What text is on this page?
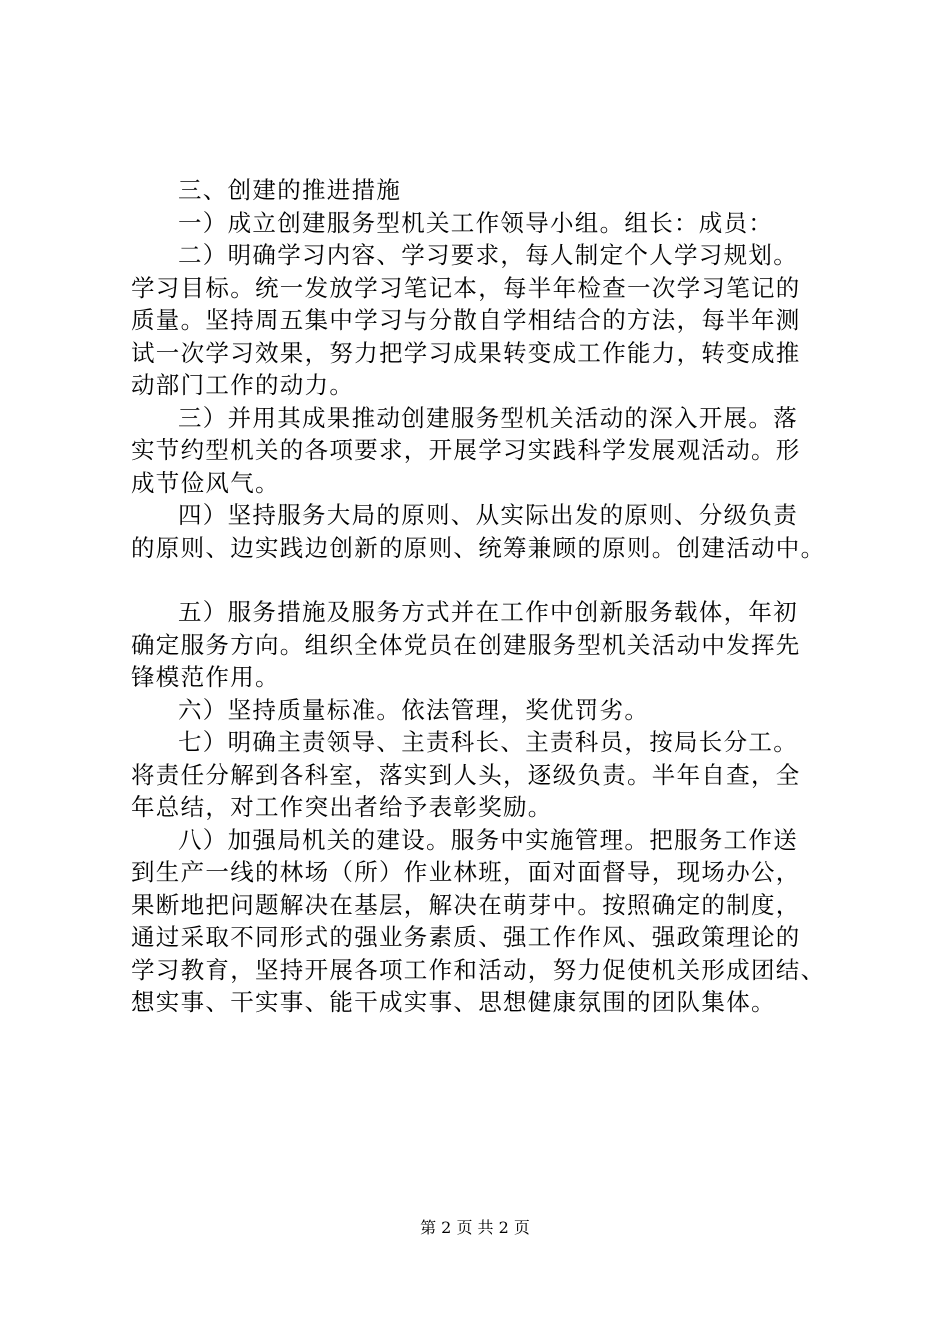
三、创建的推进措施
一）成立创建服务型机关工作领导小组。组长：成员：
二）明确学习内容、学习要求，每人制定个人学习规划。
学习目标。统一发放学习笔记本，每半年检查一次学习笔记的
质量。坚持周五集中学习与分散自学相结合的方法，每半年测
试一次学习效果，努力把学习成果转变成工作能力，转变成推
动部门工作的动力。
三）并用其成果推动创建服务型机关活动的深入开展。落
实节约型机关的各项要求，开展学习实践科学发展观活动。形
成节俭风气。
四）坚持服务大局的原则、从实际出发的原则、分级负责
的原则、边实践边创新的原则、统筹兼顾的原则。创建活动中。
五）服务措施及服务方式并在工作中创新服务载体，年初
确定服务方向。组织全体党员在创建服务型机关活动中发挥先
锋模范作用。
六）坚持质量标准。依法管理，奖优罚劣。
七）明确主责领导、主责科长、主责科员，按局长分工。
将责任分解到各科室，落实到人头，逐级负责。半年自查，全
年总结，对工作突出者给予表彰奖励。
八）加强局机关的建设。服务中实施管理。把服务工作送
到生产一线的林场（所）作业林班，面对面督导，现场办公，
果断地把问题解决在基层，解决在萌芽中。按照确定的制度，
通过采取不同形式的强业务素质、强工作作风、强政策理论的
学习教育，坚持开展各项工作和活动，努力促使机关形成团结、
想实事、干实事、能干成实事、思想健康氛围的团队集体。
第 2 页 共 2 页
